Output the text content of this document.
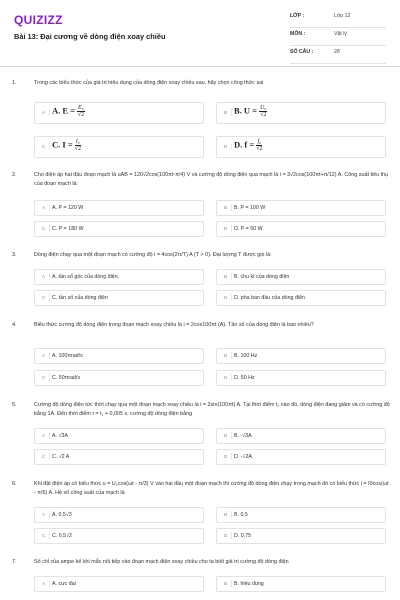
QUIZIZZ
Bài 13: Đại cương về dòng điện xoay chiều
LỚP :	Lớp 12
MÔN :	Vật lý
SỐ CÂU :	28
1.	Trong các biểu thức của giá trị hiệu dụng của dòng điện xoay chiều sau, hãy chọn công thức sai
A A. $E = \frac{\text{E₀}}{√2}$	B B. $U = \frac{\text{U₀}}{√2}$
C C. $I = \frac{\text{I₀}}{√2}$	D D. $f = \frac{\text{f₀}}{√2}$
2.	Cho điện áp hai đầu đoạn mạch là uAB = 120√2cos(100πt-π/4) V và cường độ dòng điện qua mạch là i = 3√2cos(100πt+π/12) A. Công suất tiêu thụ của đoạn mạch là:
A	A. P = 120 W	B	B. P = 100 W
C	C. P = 180 W	D	D. P = 50 W
3.	Dòng điện chạy qua một đoạn mạch có cường độ i = 4cos(2π/T) A (T > 0). Đại lượng T được gọi là:
A	A. tần số góc của dòng điện.	B	B. chu kì của dòng điện
C	C. tần số của dòng điện	D	D. pha ban đầu của dòng điện
4.	Biểu thức cường độ dòng điện trong đoạn mạch xoay chiều là i = 2cos100πt (A). Tần số của dòng điện là bao nhiêu?
A	A. 100πrad/s	B	B. 100 Hz
C	C. 50πrad/s	D	D. 50 Hz
5.	Cường độ dòng điện tức thời chạy qua một đoạn mạch xoay chiều là i = 2sin(100πt) A. Tại thời điểm t₁ nào đó, dòng điện đang giảm và có cường độ bằng 1A. Đến thời điểm t = t₁ + 0,005 s, cường độ dòng điện bằng
A	A. √3A	B	B. -√3A
C	C. √2 A	D	D. -√2A
6.	Khi đặt điện áp có biểu thức u = U₀cos(ωt - π/3) V vào hai đầu một đoạn mạch thì cường độ dòng điện chạy trong mạch đó có biểu thức i = I0cos(ωt - π/6) A. Hệ số công suất của mạch là
A	A. 0,5√3	B	B. 0,5
C	C. 0,5√2	D	D. 0,75
7.	Số chỉ của ampe kế khi mắc nối tiếp vào đoạn mạch điện xoay chiều cho ta biết giá trị cường độ dòng điện
A	A. cực đại	B	B. hiệu dụng
